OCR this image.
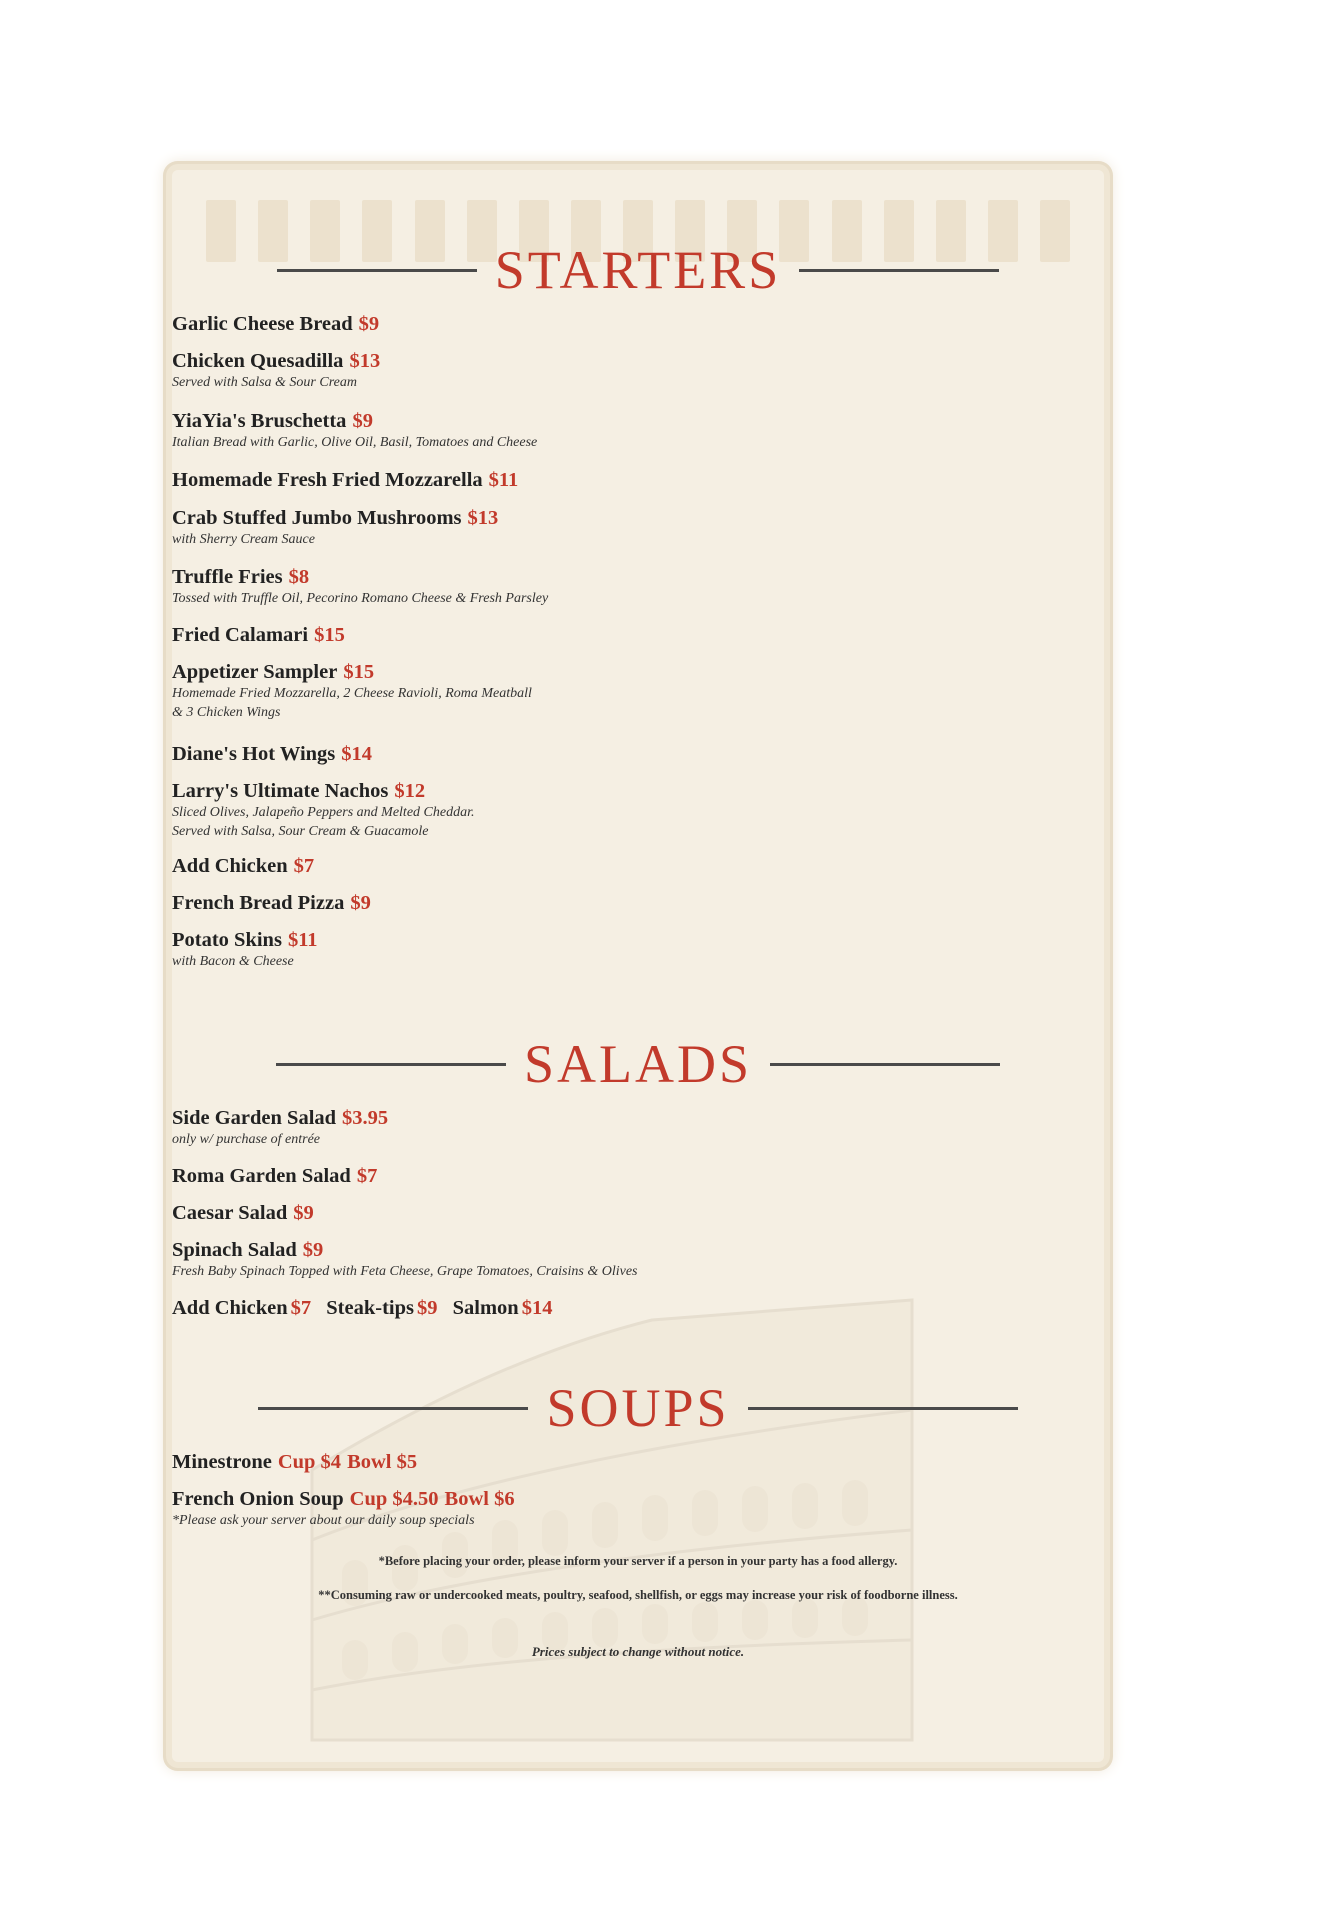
STARTERS
Garlic Cheese Bread $9
Chicken Quesadilla $13
Served with Salsa & Sour Cream
YiaYia's Bruschetta $9
Italian Bread with Garlic, Olive Oil, Basil, Tomatoes and Cheese
Homemade Fresh Fried Mozzarella $11
Crab Stuffed Jumbo Mushrooms $13
with Sherry Cream Sauce
Truffle Fries $8
Tossed with Truffle Oil, Pecorino Romano Cheese & Fresh Parsley
Fried Calamari $15
Appetizer Sampler $15
Homemade Fried Mozzarella, 2 Cheese Ravioli, Roma Meatball
& 3 Chicken Wings
Diane's Hot Wings $14
Larry's Ultimate Nachos $12
Sliced Olives, Jalapeño Peppers and Melted Cheddar.
Served with Salsa, Sour Cream & Guacamole
Add Chicken $7
French Bread Pizza $9
Potato Skins $11
with Bacon & Cheese
SALADS
Side Garden Salad $3.95
only w/ purchase of entrée
Roma Garden Salad $7
Caesar Salad $9
Spinach Salad $9
Fresh Baby Spinach Topped with Feta Cheese, Grape Tomatoes, Craisins & Olives
Add Chicken $7 Steak-tips $9 Salmon $14
SOUPS
Minestrone Cup $4 Bowl $5
French Onion Soup Cup $4.50 Bowl $6
*Please ask your server about our daily soup specials
*Before placing your order, please inform your server if a person in your party has a food allergy.
**Consuming raw or undercooked meats, poultry, seafood, shellfish, or eggs may increase your risk of foodborne illness.
Prices subject to change without notice.
